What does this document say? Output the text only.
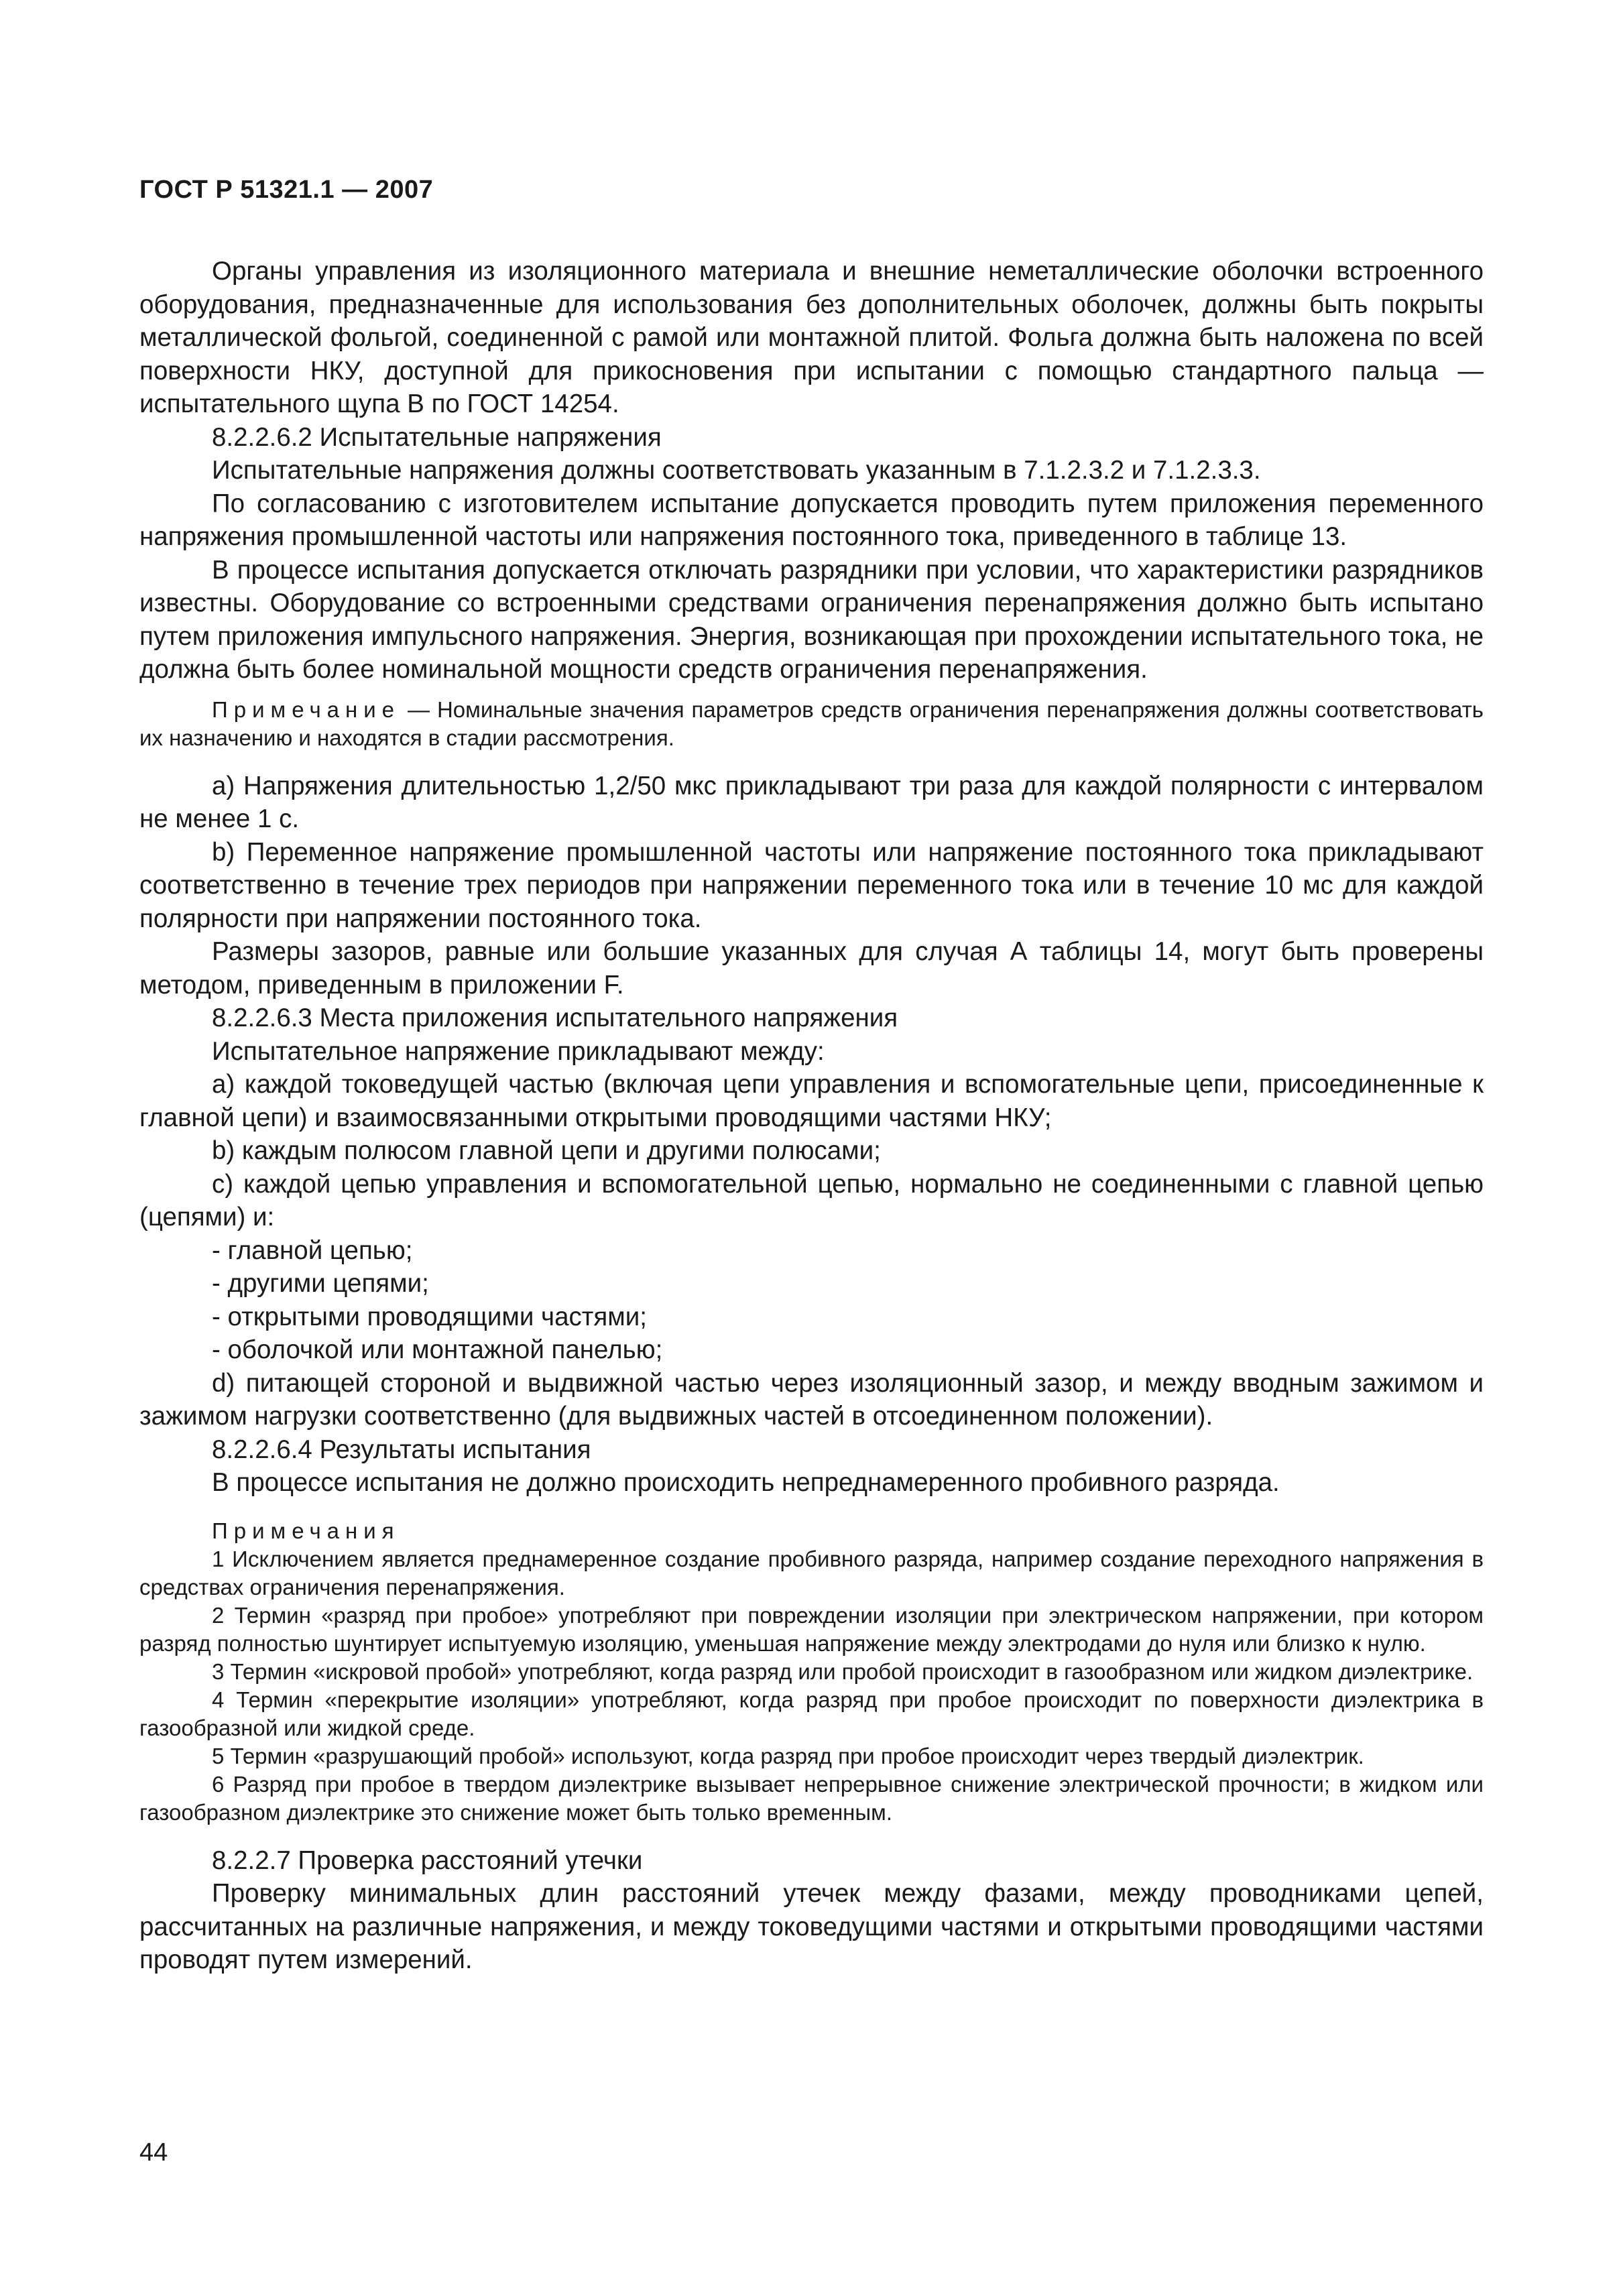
ГОСТ Р 51321.1 — 2007

Органы управления из изоляционного материала и внешние неметаллические оболочки встроенного оборудования, предназначенные для использования без дополнительных оболочек, должны быть покрыты металлической фольгой, соединенной с рамой или монтажной плитой. Фольга должна быть наложена по всей поверхности НКУ, доступной для прикосновения при испытании с помощью стандартного пальца — испытательного щупа В по ГОСТ 14254.

8.2.2.6.2 Испытательные напряжения

Испытательные напряжения должны соответствовать указанным в 7.1.2.3.2 и 7.1.2.3.3.

По согласованию с изготовителем испытание допускается проводить путем приложения переменного напряжения промышленной частоты или напряжения постоянного тока, приведенного в таблице 13.

В процессе испытания допускается отключать разрядники при условии, что характеристики разрядников известны. Оборудование со встроенными средствами ограничения перенапряжения должно быть испытано путем приложения импульсного напряжения. Энергия, возникающая при прохождении испытательного тока, не должна быть более номинальной мощности средств ограничения перенапряжения.

Примечание — Номинальные значения параметров средств ограничения перенапряжения должны соответствовать их назначению и находятся в стадии рассмотрения.

а) Напряжения длительностью 1,2/50 мкс прикладывают три раза для каждой полярности с интервалом не менее 1 с.

b) Переменное напряжение промышленной частоты или напряжение постоянного тока прикладывают соответственно в течение трех периодов при напряжении переменного тока или в течение 10 мс для каждой полярности при напряжении постоянного тока.

Размеры зазоров, равные или большие указанных для случая А таблицы 14, могут быть проверены методом, приведенным в приложении F.

8.2.2.6.3 Места приложения испытательного напряжения

Испытательное напряжение прикладывают между:

а) каждой токоведущей частью (включая цепи управления и вспомогательные цепи, присоединенные к главной цепи) и взаимосвязанными открытыми проводящими частями НКУ;

b) каждым полюсом главной цепи и другими полюсами;

с) каждой цепью управления и вспомогательной цепью, нормально не соединенными с главной цепью (цепями) и:

- главной цепью;

- другими цепями;

- открытыми проводящими частями;

- оболочкой или монтажной панелью;

d) питающей стороной и выдвижной частью через изоляционный зазор, и между вводным зажимом и зажимом нагрузки соответственно (для выдвижных частей в отсоединенном положении).

8.2.2.6.4 Результаты испытания

В процессе испытания не должно происходить непреднамеренного пробивного разряда.

Примечания

1 Исключением является преднамеренное создание пробивного разряда, например создание переходного напряжения в средствах ограничения перенапряжения.

2 Термин «разряд при пробое» употребляют при повреждении изоляции при электрическом напряжении, при котором разряд полностью шунтирует испытуемую изоляцию, уменьшая напряжение между электродами до нуля или близко к нулю.

3 Термин «искровой пробой» употребляют, когда разряд или пробой происходит в газообразном или жидком диэлектрике.

4 Термин «перекрытие изоляции» употребляют, когда разряд при пробое происходит по поверхности диэлектрика в газообразной или жидкой среде.

5 Термин «разрушающий пробой» используют, когда разряд при пробое происходит через твердый диэлектрик.

6 Разряд при пробое в твердом диэлектрике вызывает непрерывное снижение электрической прочности; в жидком или газообразном диэлектрике это снижение может быть только временным.

8.2.2.7 Проверка расстояний утечки

Проверку минимальных длин расстояний утечек между фазами, между проводниками цепей, рассчитанных на различные напряжения, и между токоведущими частями и открытыми проводящими частями проводят путем измерений.

44
